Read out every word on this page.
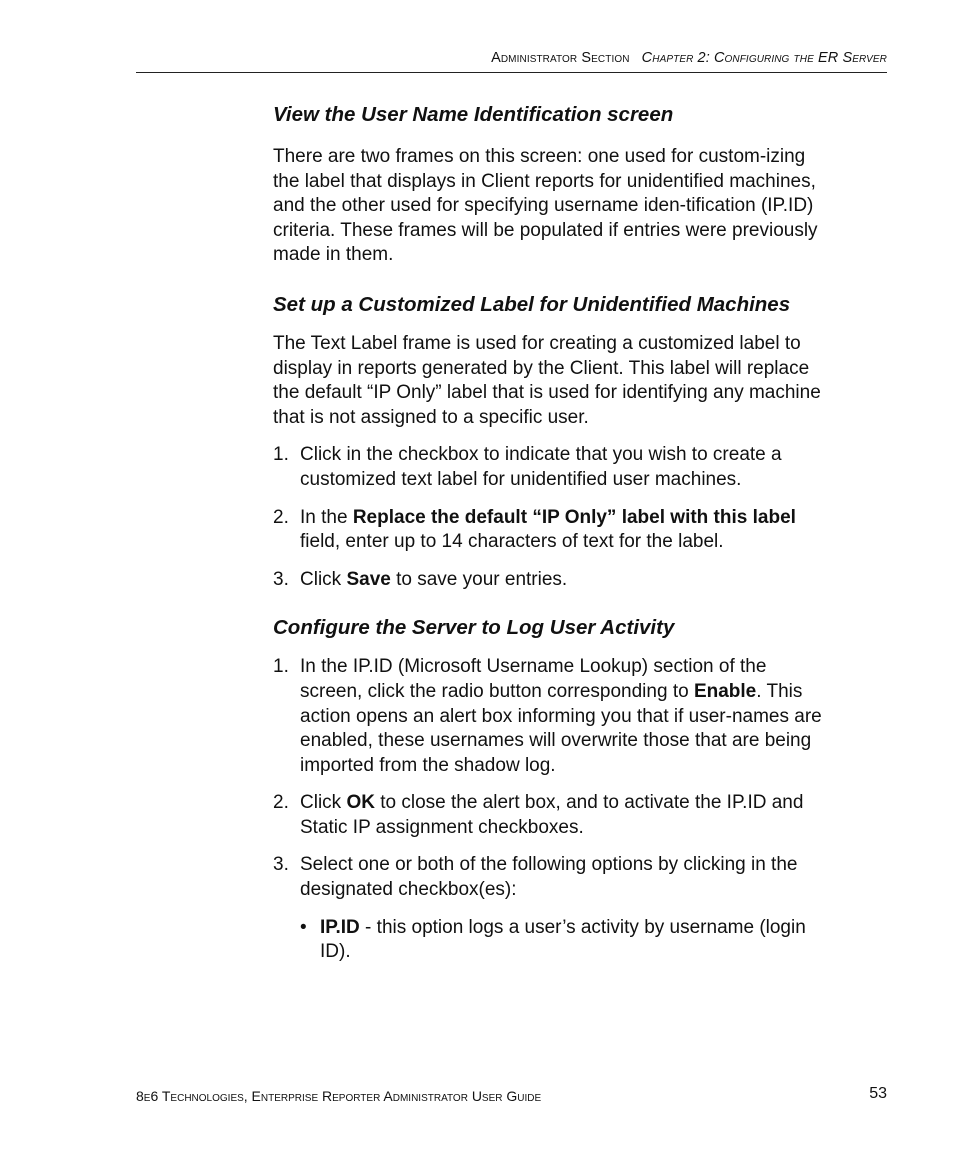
Administrator Section Chapter 2: Configuring the ER Server
View the User Name Identification screen

There are two frames on this screen: one used for custom-izing the label that displays in Client reports for unidentified machines, and the other used for specifying username iden-tification (IP.ID) criteria. These frames will be populated if entries were previously made in them.

Set up a Customized Label for Unidentified Machines

The Text Label frame is used for creating a customized label to display in reports generated by the Client. This label will replace the default “IP Only” label that is used for identifying any machine that is not assigned to a specific user.

1. Click in the checkbox to indicate that you wish to create a customized text label for unidentified user machines.
2. In the Replace the default “IP Only” label with this label field, enter up to 14 characters of text for the label.
3. Click Save to save your entries.
Configure the Server to Log User Activity
1. In the IP.ID (Microsoft Username Lookup) section of the screen, click the radio button corresponding to Enable. This action opens an alert box informing you that if user-names are enabled, these usernames will overwrite those that are being imported from the shadow log.
2. Click OK to close the alert box, and to activate the IP.ID and Static IP assignment checkboxes.
3. Select one or both of the following options by clicking in the designated checkbox(es):
• IP.ID - this option logs a user’s activity by username (login ID).
8e6 Technologies, Enterprise Reporter Administrator User Guide	53
